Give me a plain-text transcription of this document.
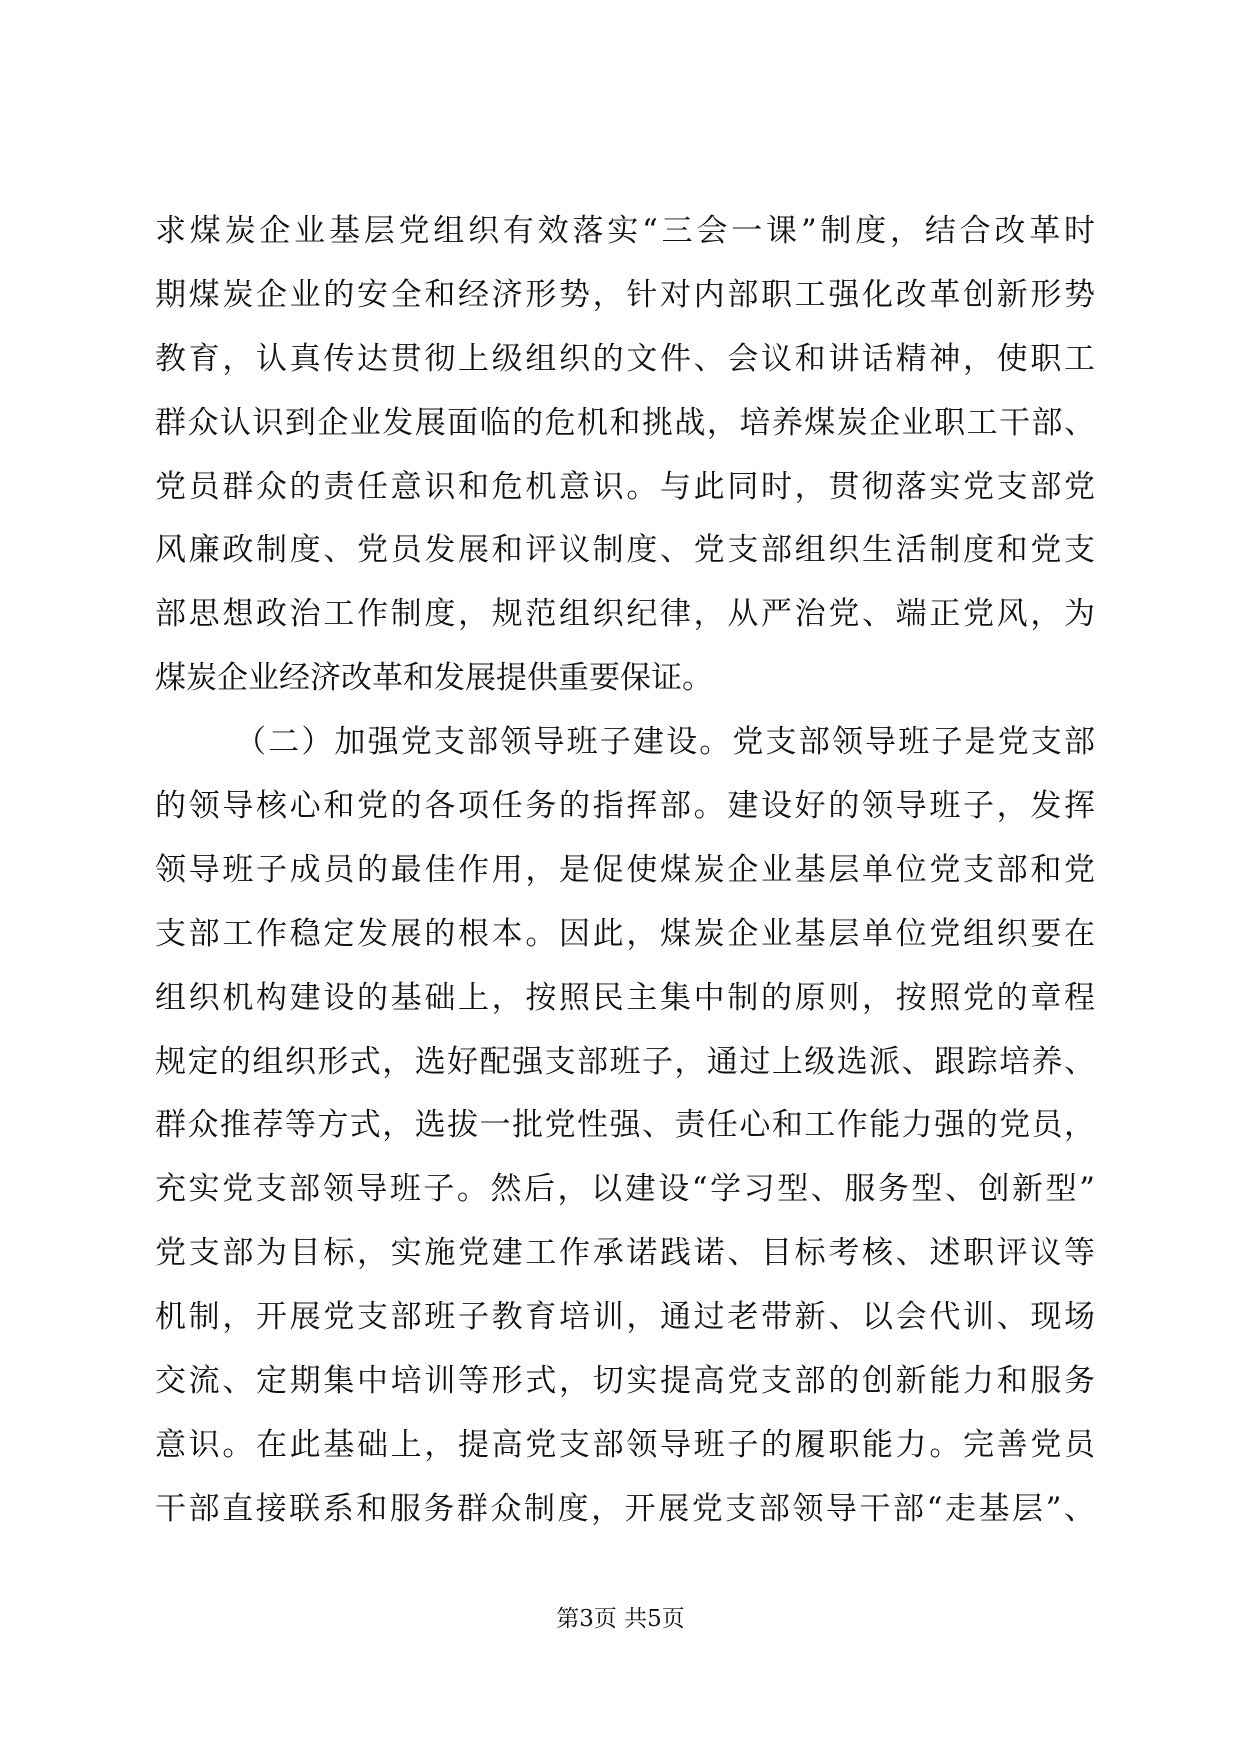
求煤炭企业基层党组织有效落实“三会一课”制度，结合改革时
期煤炭企业的安全和经济形势，针对内部职工强化改革创新形势
教育，认真传达贯彻上级组织的文件、会议和讲话精神，使职工
群众认识到企业发展面临的危机和挑战，培养煤炭企业职工干部、
党员群众的责任意识和危机意识。与此同时，贯彻落实党支部党
风廉政制度、党员发展和评议制度、党支部组织生活制度和党支
部思想政治工作制度，规范组织纪律，从严治党、端正党风，为
煤炭企业经济改革和发展提供重要保证。
（二）加强党支部领导班子建设。党支部领导班子是党支部
的领导核心和党的各项任务的指挥部。建设好的领导班子，发挥
领导班子成员的最佳作用，是促使煤炭企业基层单位党支部和党
支部工作稳定发展的根本。因此，煤炭企业基层单位党组织要在
组织机构建设的基础上，按照民主集中制的原则，按照党的章程
规定的组织形式，选好配强支部班子，通过上级选派、跟踪培养、
群众推荐等方式，选拔一批党性强、责任心和工作能力强的党员，
充实党支部领导班子。然后，以建设“学习型、服务型、创新型”
党支部为目标，实施党建工作承诺践诺、目标考核、述职评议等
机制，开展党支部班子教育培训，通过老带新、以会代训、现场
交流、定期集中培训等形式，切实提高党支部的创新能力和服务
意识。在此基础上，提高党支部领导班子的履职能力。完善党员
干部直接联系和服务群众制度，开展党支部领导干部“走基层”、
第3页 共5页
